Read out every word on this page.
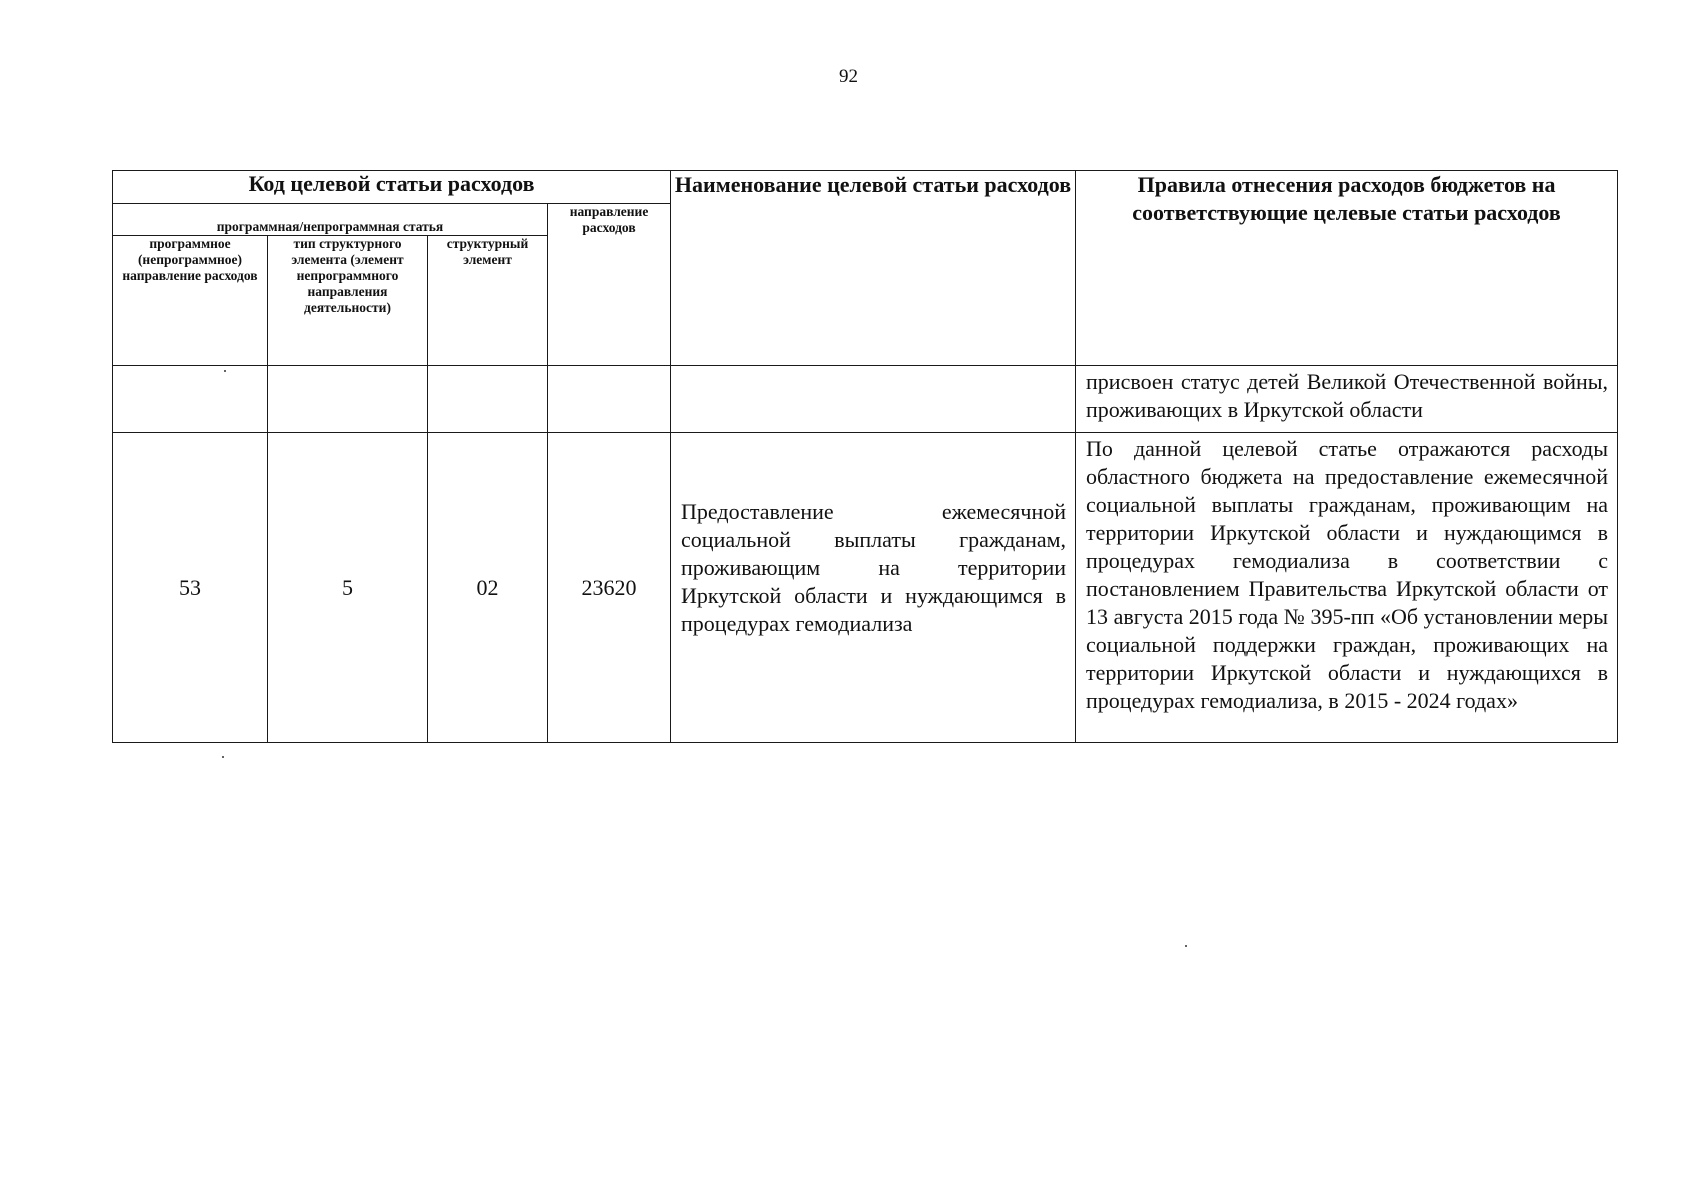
92
Код целевой статьи расходов				Наименование целевой статьи расходов	Правила отнесения расходов бюджетов на соответствующие целевые статьи расходов
программная/непрограммная статья			направление расходов		
программное (непрограммное) направление расходов	тип структурного элемента (элемент непрограммного направления деятельности)	структурный элемент			
					присвоен статус детей Великой Отечественной войны, проживающих в Иркутской области
53	5	02	23620	Предоставление ежемесячной социальной выплаты гражданам, проживающим на территории Иркутской области и нуждающимся в процедурах гемодиализа	По данной целевой статье отражаются расходы областного бюджета на предоставление ежемесячной социальной выплаты гражданам, проживающим на территории Иркутской области и нуждающимся в процедурах гемодиализа в соответствии с постановлением Правительства Иркутской области от 13 августа 2015 года № 395-пп «Об установлении меры социальной поддержки граждан, проживающих на территории Иркутской области и нуждающихся в процедурах гемодиализа, в 2015 - 2024 годах»
